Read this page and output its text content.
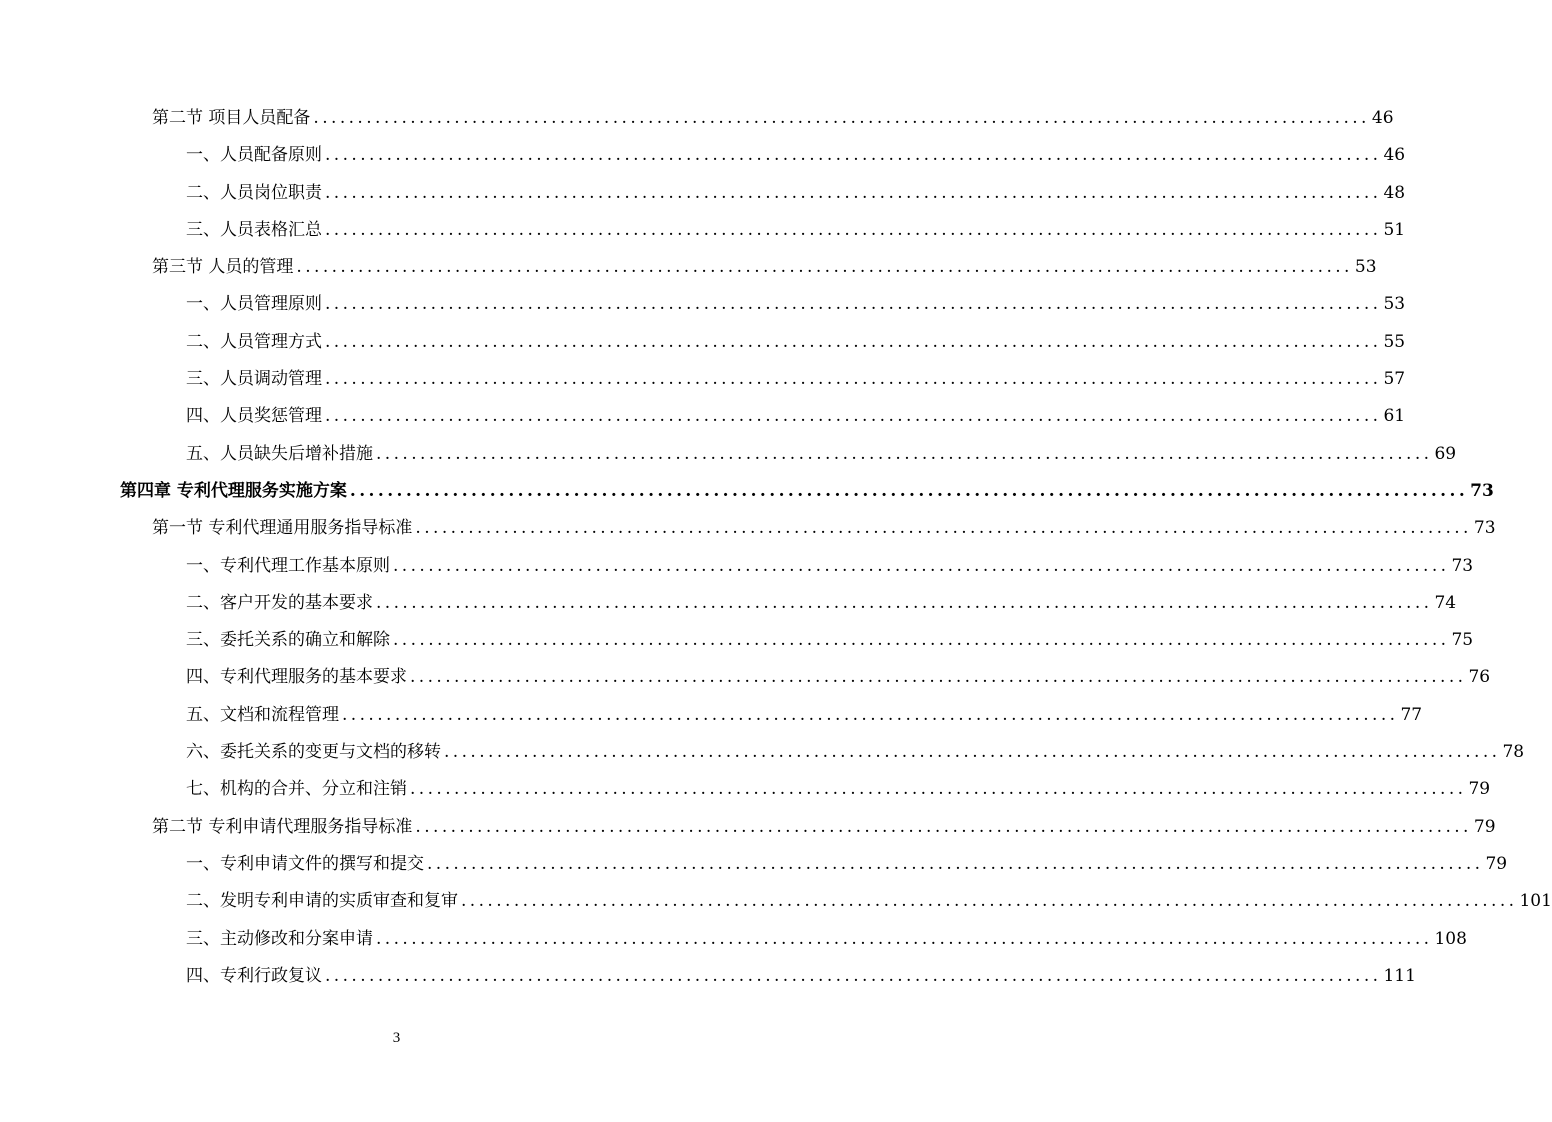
第二节 项目人员配备 ........................................................................................................................ 46
一、人员配备原则 ........................................................................................................................ 46
二、人员岗位职责 ........................................................................................................................ 48
三、人员表格汇总 ........................................................................................................................ 51
第三节 人员的管理 ........................................................................................................................ 53
一、人员管理原则 ........................................................................................................................ 53
二、人员管理方式 ........................................................................................................................ 55
三、人员调动管理 ........................................................................................................................ 57
四、人员奖惩管理 ........................................................................................................................ 61
五、人员缺失后增补措施 ........................................................................................................................ 69
第四章 专利代理服务实施方案 ........................................................................................................................ 73
第一节 专利代理通用服务指导标准 ........................................................................................................................ 73
一、专利代理工作基本原则 ........................................................................................................................ 73
二、客户开发的基本要求 ........................................................................................................................ 74
三、委托关系的确立和解除 ........................................................................................................................ 75
四、专利代理服务的基本要求 ........................................................................................................................ 76
五、文档和流程管理 ........................................................................................................................ 77
六、委托关系的变更与文档的移转 ........................................................................................................................ 78
七、机构的合并、分立和注销 ........................................................................................................................ 79
第二节 专利申请代理服务指导标准 ........................................................................................................................ 79
一、专利申请文件的撰写和提交 ........................................................................................................................ 79
二、发明专利申请的实质审查和复审 ........................................................................................................................ 101
三、主动修改和分案申请 ........................................................................................................................ 108
四、专利行政复议 ........................................................................................................................ 111
3
